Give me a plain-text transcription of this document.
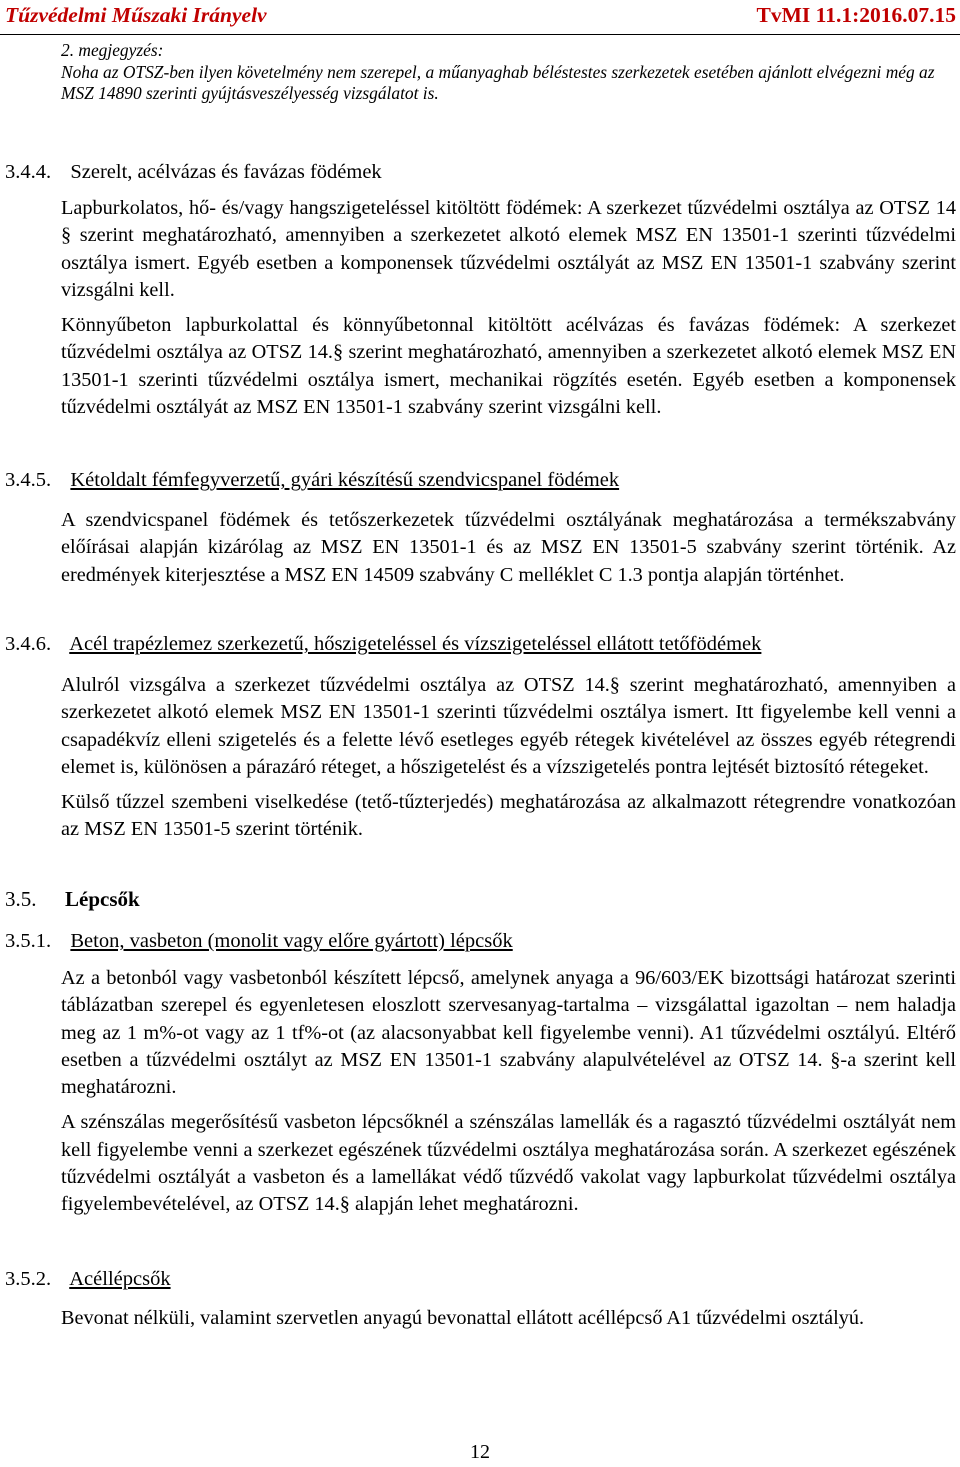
Tűzvédelmi Műszaki Irányelv	TvMI 11.1:2016.07.15
2. megjegyzés:
Noha az OTSZ-ben ilyen követelmény nem szerepel, a műanyaghab béléstestes szerkezetek esetében ajánlott elvégezni még az MSZ 14890 szerinti gyújtásveszélyesség vizsgálatot is.
3.4.4. Szerelt, acélvázas és favázas födémek

Lapburkolatos, hő- és/vagy hangszigeteléssel kitöltött födémek: A szerkezet tűzvédelmi osztálya az OTSZ 14 § szerint meghatározható, amennyiben a szerkezetet alkotó elemek MSZ EN 13501-1 szerinti tűzvédelmi osztálya ismert. Egyéb esetben a komponensek tűzvédelmi osztályát az MSZ EN 13501-1 szabvány szerint vizsgálni kell.

Könnyűbeton lapburkolattal és könnyűbetonnal kitöltött acélvázas és favázas födémek: A szerkezet tűzvédelmi osztálya az OTSZ 14.§ szerint meghatározható, amennyiben a szerkezetet alkotó elemek MSZ EN 13501-1 szerinti tűzvédelmi osztálya ismert, mechanikai rögzítés esetén. Egyéb esetben a komponensek tűzvédelmi osztályát az MSZ EN 13501-1 szabvány szerint vizsgálni kell.

3.4.5. Kétoldalt fémfegyverzetű, gyári készítésű szendvicspanel födémek

A szendvicspanel födémek és tetőszerkezetek tűzvédelmi osztályának meghatározása a termékszabvány előírásai alapján kizárólag az MSZ EN 13501-1 és az MSZ EN 13501-5 szabvány szerint történik. Az eredmények kiterjesztése a MSZ EN 14509 szabvány C melléklet C 1.3 pontja alapján történhet.

3.4.6. Acél trapézlemez szerkezetű, hőszigeteléssel és vízszigeteléssel ellátott tetőfödémek

Alulról vizsgálva a szerkezet tűzvédelmi osztálya az OTSZ 14.§ szerint meghatározható, amennyiben a szerkezetet alkotó elemek MSZ EN 13501-1 szerinti tűzvédelmi osztálya ismert. Itt figyelembe kell venni a csapadékvíz elleni szigetelés és a felette lévő esetleges egyéb rétegek kivételével az összes egyéb rétegrendi elemet is, különösen a párazáró réteget, a hőszigetelést és a vízszigetelés pontra lejtését biztosító rétegeket.

Külső tűzzel szembeni viselkedése (tető-tűzterjedés) meghatározása az alkalmazott rétegrendre vonatkozóan az MSZ EN 13501-5 szerint történik.

3.5. Lépcsők
3.5.1. Beton, vasbeton (monolit vagy előre gyártott) lépcsők

Az a betonból vagy vasbetonból készített lépcső, amelynek anyaga a 96/603/EK bizottsági határozat szerinti táblázatban szerepel és egyenletesen eloszlott szervesanyag-tartalma – vizsgálattal igazoltan – nem haladja meg az 1 m%-ot vagy az 1 tf%-ot (az alacsonyabbat kell figyelembe venni). A1 tűzvédelmi osztályú. Eltérő esetben a tűzvédelmi osztályt az MSZ EN 13501-1 szabvány alapulvételével az OTSZ 14. §-a szerint kell meghatározni.

A szénszálas megerősítésű vasbeton lépcsőknél a szénszálas lamellák és a ragasztó tűzvédelmi osztályát nem kell figyelembe venni a szerkezet egészének tűzvédelmi osztálya meghatározása során. A szerkezet egészének tűzvédelmi osztályát a vasbeton és a lamellákat védő tűzvédő vakolat vagy lapburkolat tűzvédelmi osztálya figyelembevételével, az OTSZ 14.§ alapján lehet meghatározni.

3.5.2. Acéllépcsők

Bevonat nélküli, valamint szervetlen anyagú bevonattal ellátott acéllépcső A1 tűzvédelmi osztályú.

12
